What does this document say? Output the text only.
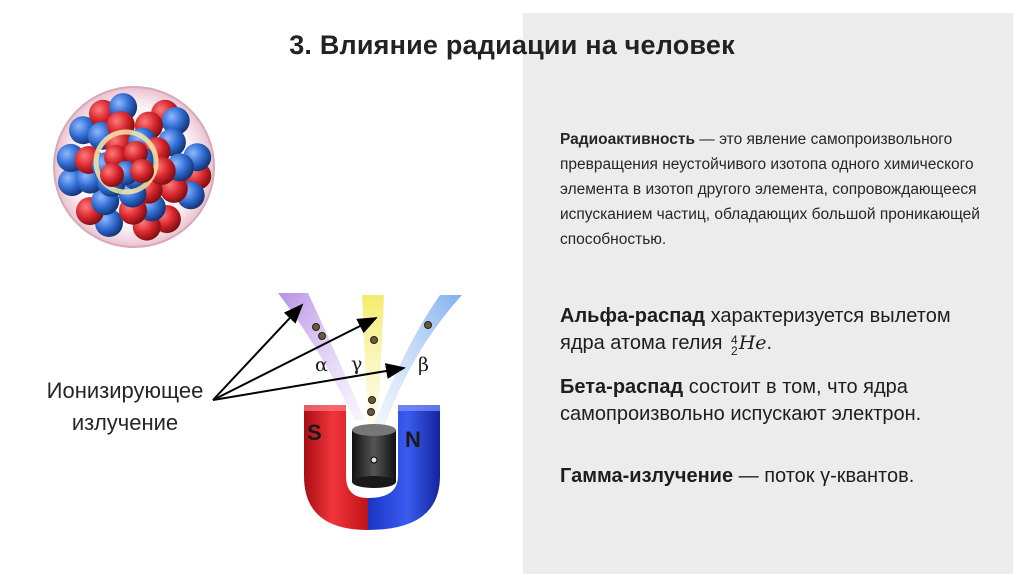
3. Влияние радиации на человек
S	N
α γ	β
Ионизирующее излучение
Радиоактивность — это явление самопроизвольного превращения неустойчивого изотопа одного химического элемента в изотоп другого элемента, сопровождающееся испусканием частиц, обладающих большой проникающей способностью.
Альфа-распад характеризуется вылетом ядра атома гелия 4
2 He.
Бета-распад состоит в том, что ядра самопроизвольно испускают электрон.
Гамма-излучение — поток γ-квантов.
